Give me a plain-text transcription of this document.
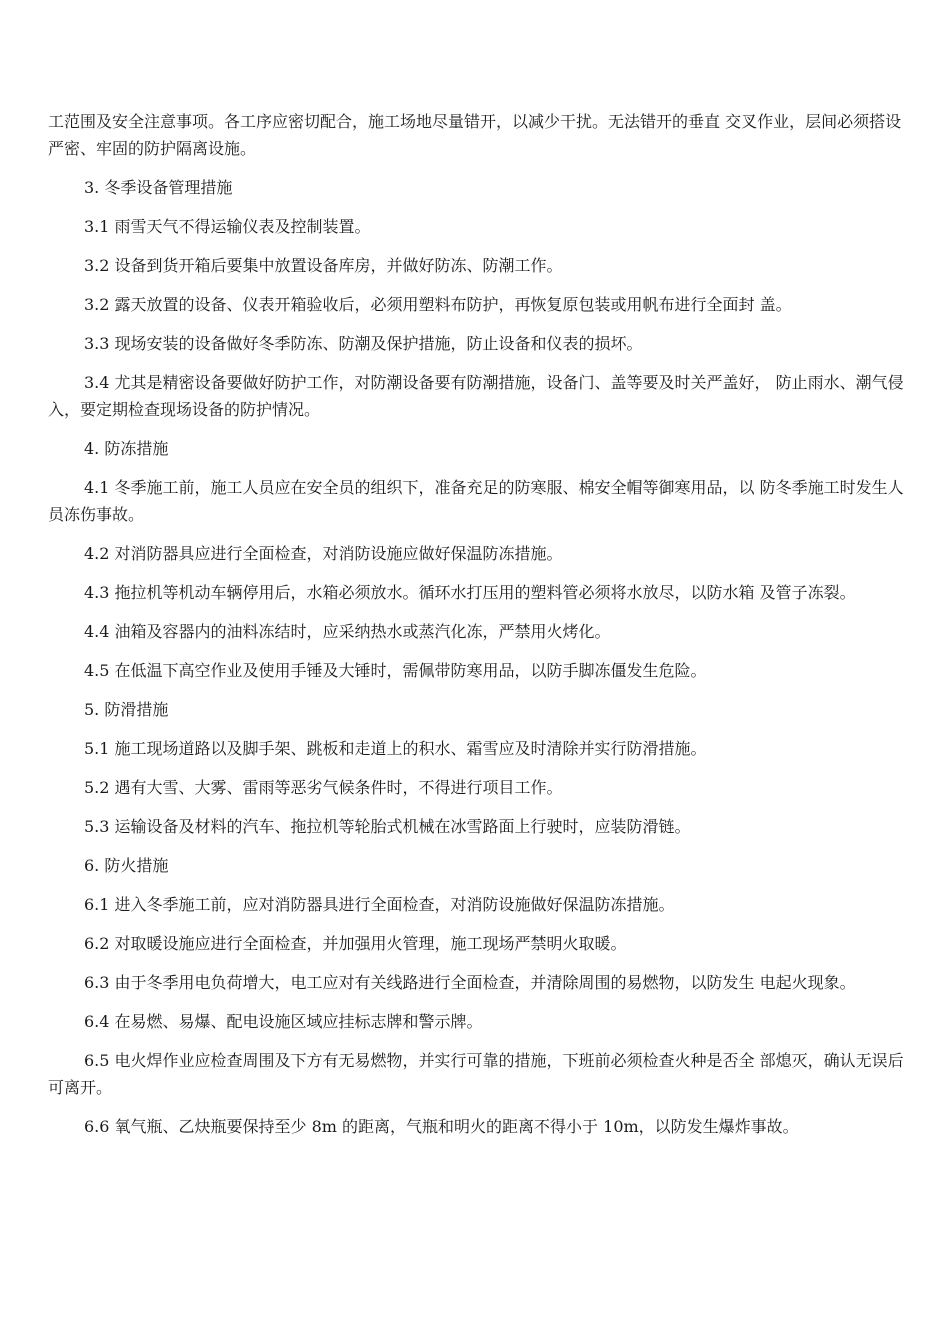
工范围及安全注意事项。各工序应密切配合，施工场地尽量错开，以减少干扰。无法错开的垂直 交叉作业，层间必须搭设严密、牢固的防护隔离设施。

3. 冬季设备管理措施

3.1 雨雪天气不得运输仪表及控制装置。

3.2 设备到货开箱后要集中放置设备库房，并做好防冻、防潮工作。

3.2 露天放置的设备、仪表开箱验收后，必须用塑料布防护，再恢复原包装或用帆布进行全面封 盖。

3.3 现场安装的设备做好冬季防冻、防潮及保护措施，防止设备和仪表的损坏。

3.4 尤其是精密设备要做好防护工作，对防潮设备要有防潮措施，设备门、盖等要及时关严盖好， 防止雨水、潮气侵入，要定期检查现场设备的防护情况。

4. 防冻措施

4.1 冬季施工前，施工人员应在安全员的组织下，准备充足的防寒服、棉安全帽等御寒用品，以 防冬季施工时发生人员冻伤事故。

4.2 对消防器具应进行全面检查，对消防设施应做好保温防冻措施。

4.3 拖拉机等机动车辆停用后，水箱必须放水。循环水打压用的塑料管必须将水放尽，以防水箱 及管子冻裂。

4.4 油箱及容器内的油料冻结时，应采纳热水或蒸汽化冻，严禁用火烤化。

4.5 在低温下高空作业及使用手锤及大锤时，需佩带防寒用品，以防手脚冻僵发生危险。

5. 防滑措施

5.1 施工现场道路以及脚手架、跳板和走道上的积水、霜雪应及时清除并实行防滑措施。

5.2 遇有大雪、大雾、雷雨等恶劣气候条件时，不得进行项目工作。

5.3 运输设备及材料的汽车、拖拉机等轮胎式机械在冰雪路面上行驶时，应装防滑链。

6. 防火措施

6.1 进入冬季施工前，应对消防器具进行全面检查，对消防设施做好保温防冻措施。

6.2 对取暖设施应进行全面检查，并加强用火管理，施工现场严禁明火取暖。

6.3 由于冬季用电负荷增大，电工应对有关线路进行全面检查，并清除周围的易燃物，以防发生 电起火现象。

6.4 在易燃、易爆、配电设施区域应挂标志牌和警示牌。

6.5 电火焊作业应检查周围及下方有无易燃物，并实行可靠的措施，下班前必须检查火种是否全 部熄灭，确认无误后可离开。

6.6 氧气瓶、乙炔瓶要保持至少 8m 的距离，气瓶和明火的距离不得小于 10m，以防发生爆炸事故。
